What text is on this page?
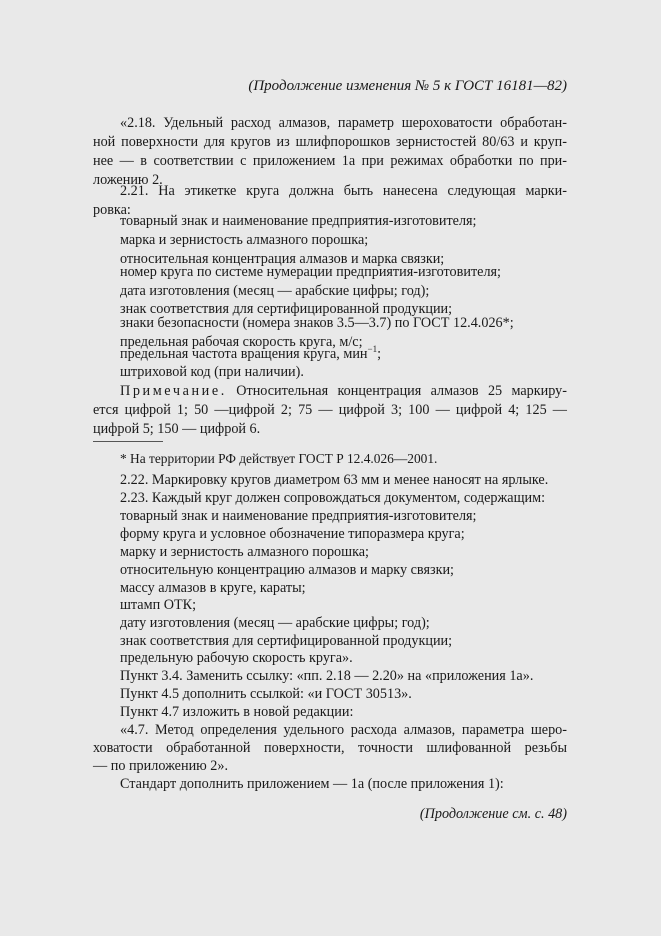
(Продолжение изменения № 5 к ГОСТ 16181—82)
«2.18. Удельный расход алмазов, параметр шероховатости обработан-
ной поверхности для кругов из шлифпорошков зернистостей 80/63 и круп-
нее — в соответствии с приложением 1а при режимах обработки по при-
ложению 2.
2.21. На этикетке круга должна быть нанесена следующая марки-
ровка:
товарный знак и наименование предприятия-изготовителя;
марка и зернистость алмазного порошка;
относительная концентрация алмазов и марка связки;
номер круга по системе нумерации предприятия-изготовителя;
дата изготовления (месяц — арабские цифры; год);
знак соответствия для сертифицированной продукции;
знаки безопасности (номера знаков 3.5—3.7) по ГОСТ 12.4.026*;
предельная рабочая скорость круга, м/с;
предельная частота вращения круга, мин$^{-1}$;
штриховой код (при наличии).
Примечание. Относительная концентрация алмазов 25 маркиру-
ется цифрой 1; 50 —цифрой 2; 75 — цифрой 3; 100 — цифрой 4; 125 —
цифрой 5; 150 — цифрой 6.
* На территории РФ действует ГОСТ Р 12.4.026—2001.
2.22. Маркировку кругов диаметром 63 мм и менее наносят на ярлыке.
2.23. Каждый круг должен сопровождаться документом, содержащим:
товарный знак и наименование предприятия-изготовителя;
форму круга и условное обозначение типоразмера круга;
марку и зернистость алмазного порошка;
относительную концентрацию алмазов и марку связки;
массу алмазов в круге, караты;
штамп ОТК;
дату изготовления (месяц — арабские цифры; год);
знак соответствия для сертифицированной продукции;
предельную рабочую скорость круга».
Пункт 3.4. Заменить ссылку: «пп. 2.18 — 2.20» на «приложения 1а».
Пункт 4.5 дополнить ссылкой: «и ГОСТ 30513».
Пункт 4.7 изложить в новой редакции:
«4.7. Метод определения удельного расхода алмазов, параметра шеро-
ховатости обработанной поверхности, точности шлифованной резьбы
— по приложению 2».
Стандарт дополнить приложением — 1а (после приложения 1):
(Продолжение см. с. 48)
